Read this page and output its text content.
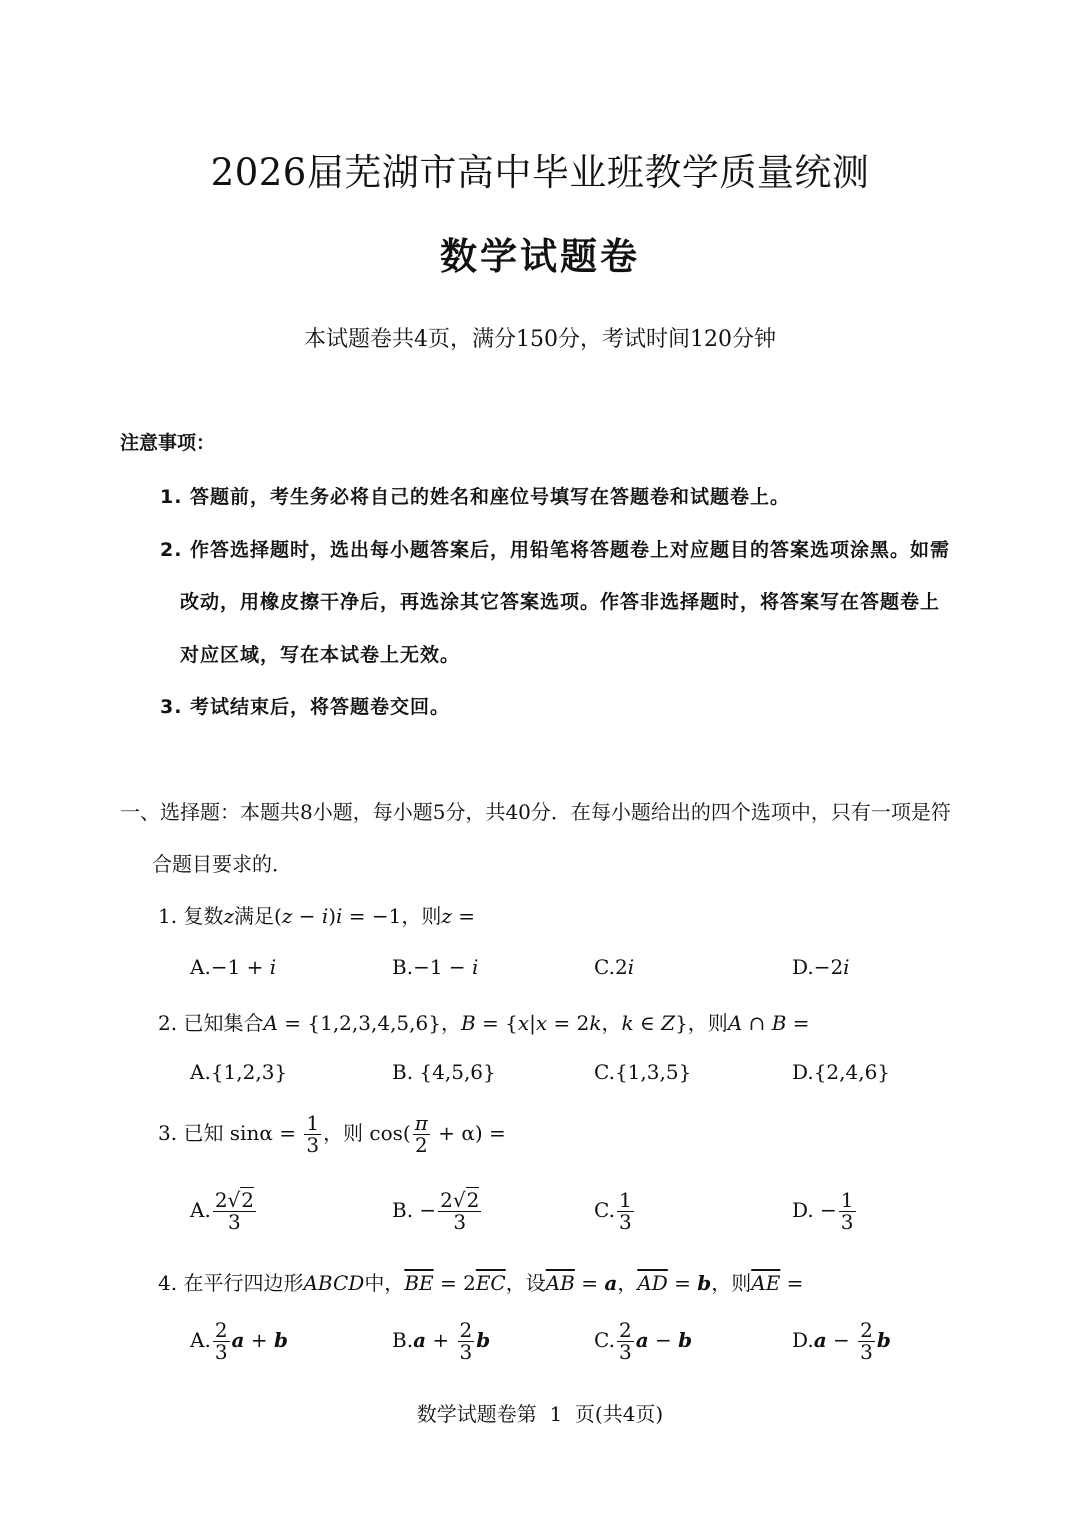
2026届芜湖市高中毕业班教学质量统测
数学试题卷
本试题卷共4页，满分150分，考试时间120分钟
注意事项：
1. 答题前，考生务必将自己的姓名和座位号填写在答题卷和试题卷上。
2. 作答选择题时，选出每小题答案后，用铅笔将答题卷上对应题目的答案选项涂黑。如需
改动，用橡皮擦干净后，再选涂其它答案选项。作答非选择题时，将答案写在答题卷上
对应区域，写在本试卷上无效。
3. 考试结束后，将答题卷交回。
一、选择题：本题共8小题，每小题5分，共40分．在每小题给出的四个选项中，只有一项是符
合题目要求的．
1. 复数z满足(z − i)i = −1，则z =
A.−1 + i	B.−1 − i	C.2i	D.−2i
2. 已知集合A = {1,2,3,4,5,6}，B = {x|x = 2k，k ∈ Z}，则A ∩ B =
A.{1,2,3}	B. {4,5,6}	C.{1,3,5}	D.{2,4,6}
3. 已知 $\sin\alpha = \frac{1}{3}$ ，则 $\cos( \frac{\pi}{2} + \alpha)$ =
A. $\frac{2√2}{3}$	B. − $\frac{2√2}{3}$	C. $\frac{1}{3}$	D. − $\frac{1}{3}$
4. 在平行四边形ABCD中，$\overline{BE} = 2\overline{EC}$，设$\overline{AB} = a$，$\overline{AD} = b$，则$\overline{AE}$ =
A. $\frac{2}{3}$ a + b	$B.a + \frac{2}{3}$ b	C. $\frac{2}{3}$ a − b	$D.a - \frac{2}{3}$ b
数学试题卷第 1 页(共4页)
